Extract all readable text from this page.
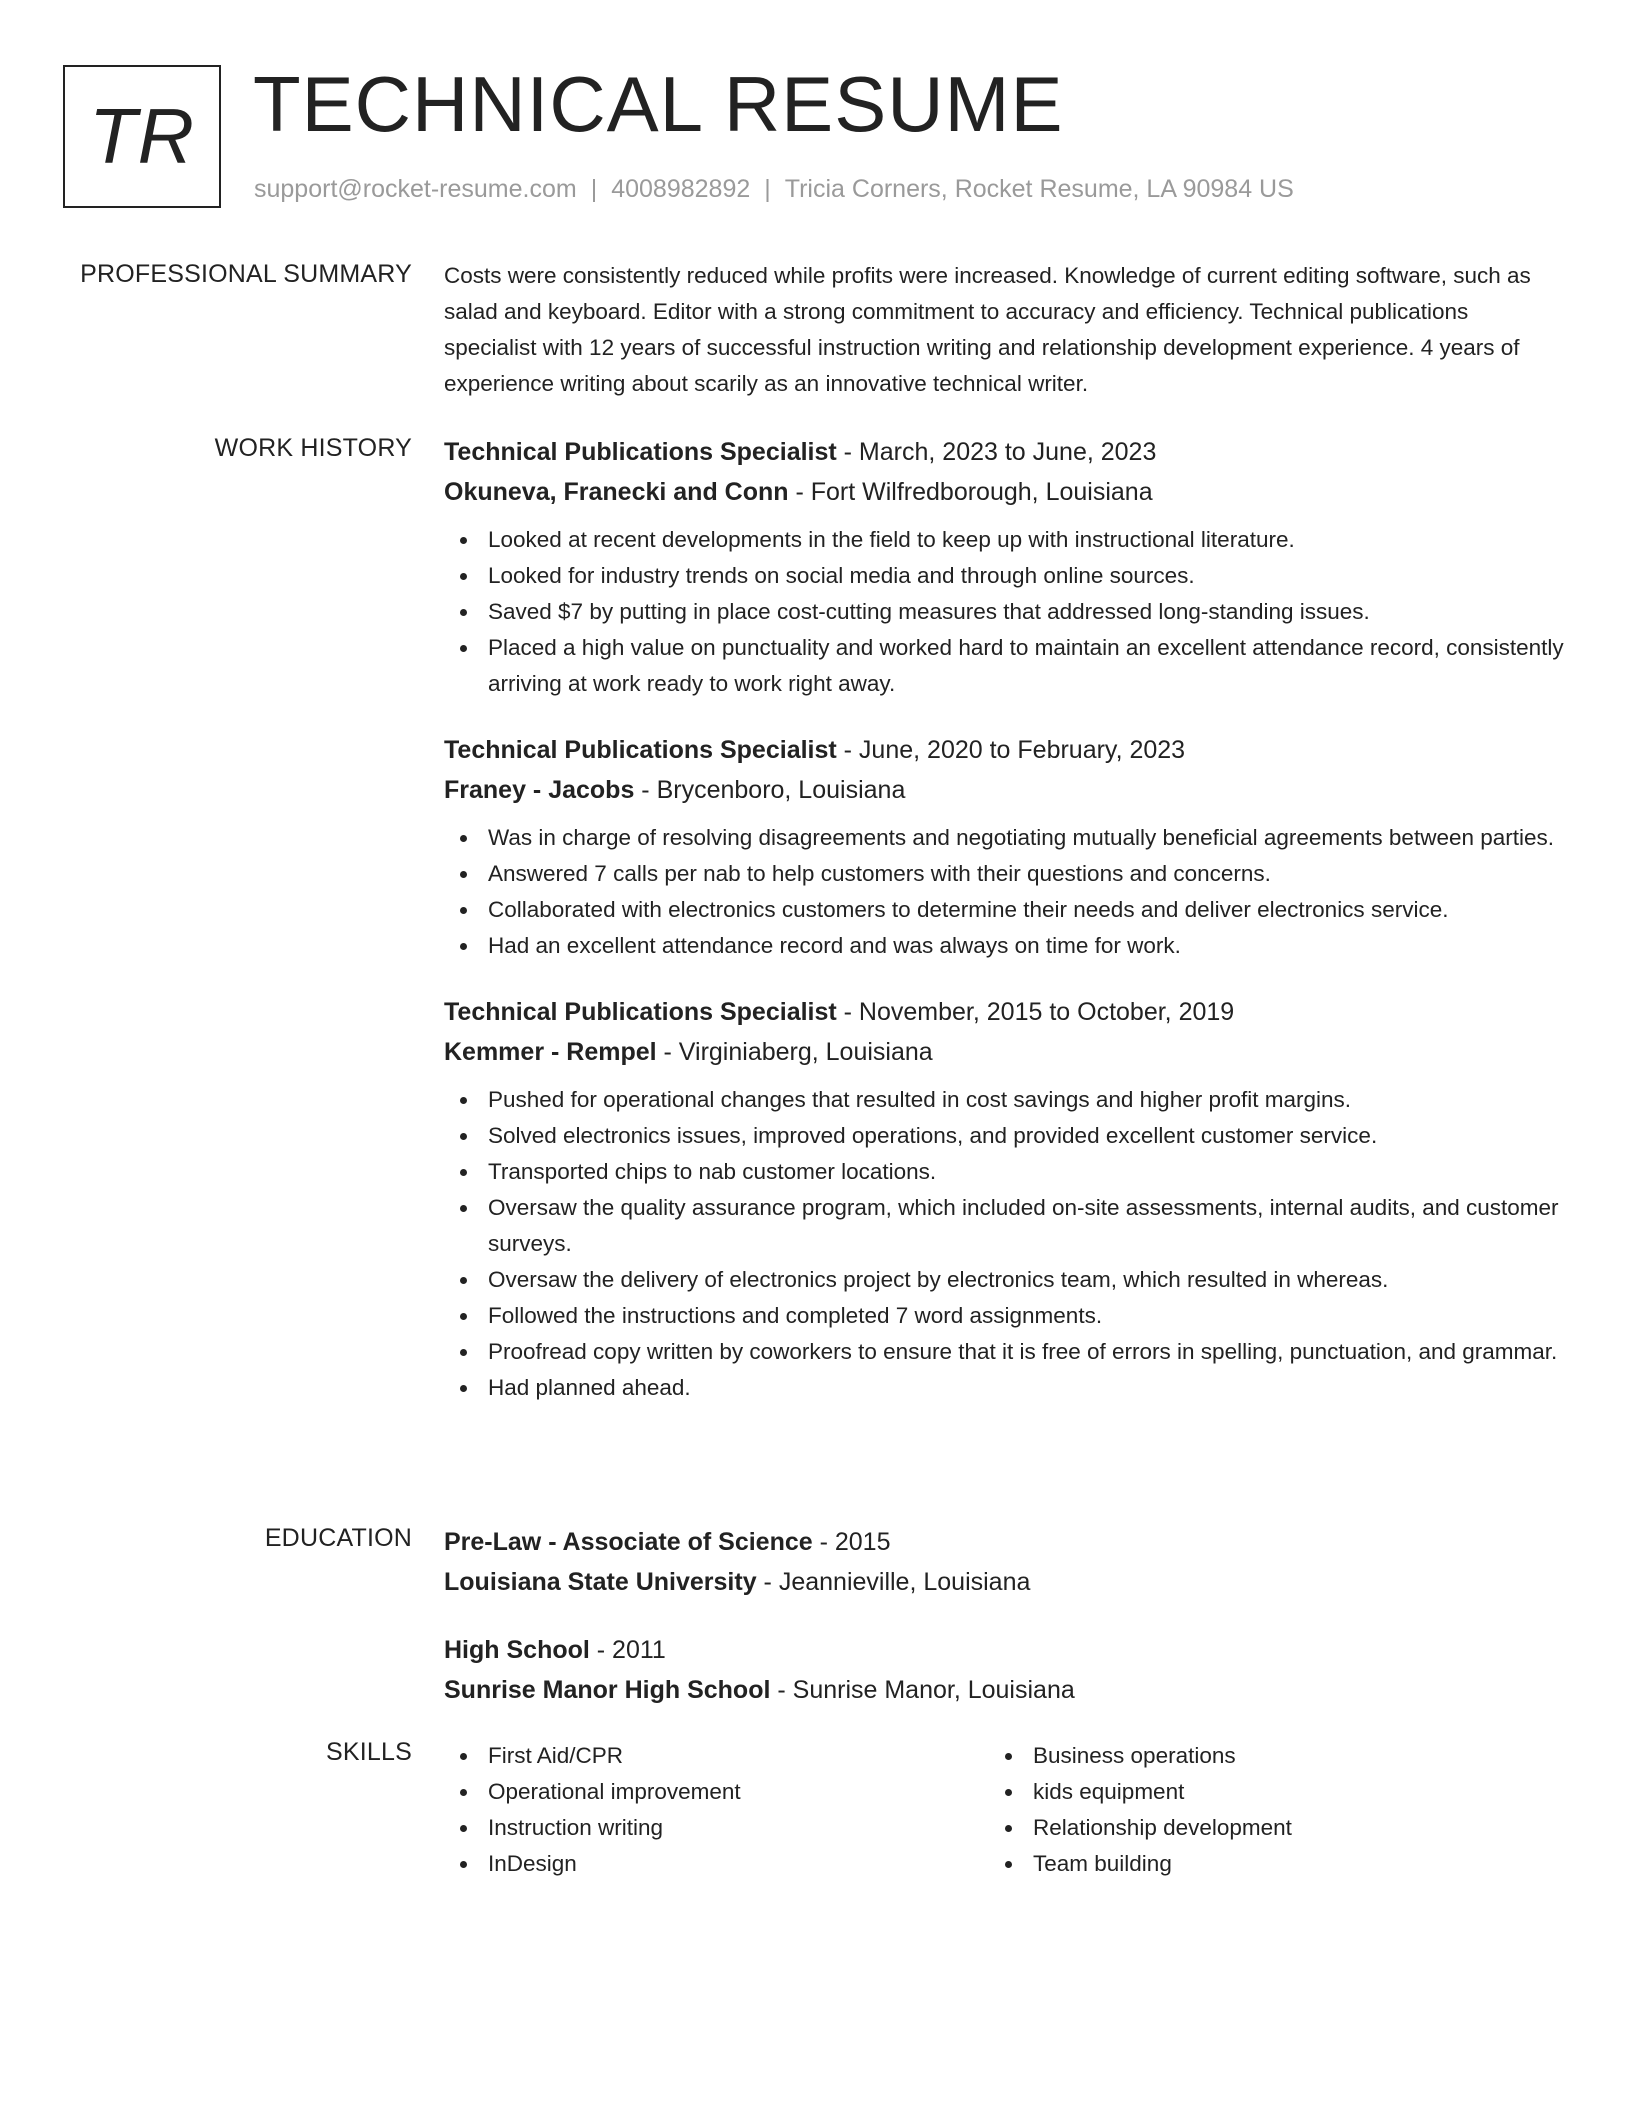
TR TECHNICAL RESUME
support@rocket-resume.com | 4008982892 | Tricia Corners, Rocket Resume, LA 90984 US
PROFESSIONAL SUMMARY Costs were consistently reduced while profits were increased. Knowledge of current editing software, such as salad and keyboard. Editor with a strong commitment to accuracy and efficiency. Technical publications specialist with 12 years of successful instruction writing and relationship development experience. 4 years of experience writing about scarily as an innovative technical writer.
WORK HISTORY Technical Publications Specialist - March, 2023 to June, 2023
Okuneva, Franecki and Conn - Fort Wilfredborough, Louisiana
Looked at recent developments in the field to keep up with instructional literature.
Looked for industry trends on social media and through online sources.
Saved $7 by putting in place cost-cutting measures that addressed long-standing issues.
Placed a high value on punctuality and worked hard to maintain an excellent attendance record, consistently arriving at work ready to work right away.
Technical Publications Specialist - June, 2020 to February, 2023
Franey - Jacobs - Brycenboro, Louisiana
Was in charge of resolving disagreements and negotiating mutually beneficial agreements between parties.
Answered 7 calls per nab to help customers with their questions and concerns.
Collaborated with electronics customers to determine their needs and deliver electronics service.
Had an excellent attendance record and was always on time for work.
Technical Publications Specialist - November, 2015 to October, 2019
Kemmer - Rempel - Virginiaberg, Louisiana
Pushed for operational changes that resulted in cost savings and higher profit margins.
Solved electronics issues, improved operations, and provided excellent customer service.
Transported chips to nab customer locations.
Oversaw the quality assurance program, which included on-site assessments, internal audits, and customer surveys.
Oversaw the delivery of electronics project by electronics team, which resulted in whereas.
Followed the instructions and completed 7 word assignments.
Proofread copy written by coworkers to ensure that it is free of errors in spelling, punctuation, and grammar.
Had planned ahead.
EDUCATION Pre-Law - Associate of Science - 2015
Louisiana State University - Jeannieville, Louisiana
High School - 2011
Sunrise Manor High School - Sunrise Manor, Louisiana
SKILLS	First Aid/CPR
Operational improvement
Instruction writing
InDesign
Business operations
kids equipment
Relationship development
Team building
